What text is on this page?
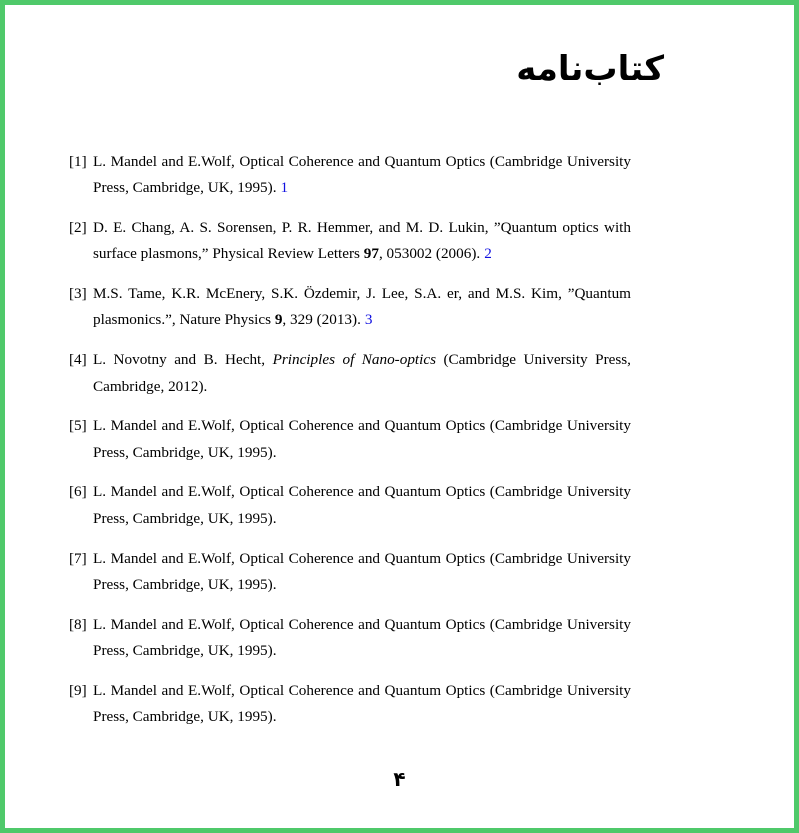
کتاب‌نامه
[1] L. Mandel and E.Wolf, Optical Coherence and Quantum Optics (Cambridge University Press, Cambridge, UK, 1995). 1
[2] D. E. Chang, A. S. Sorensen, P. R. Hemmer, and M. D. Lukin, ”Quantum optics with surface plasmons,” Physical Review Letters 97, 053002 (2006). 2
[3] M.S. Tame, K.R. McEnery, S.K. Özdemir, J. Lee, S.A. er, and M.S. Kim, ”Quantum plasmonics.”, Nature Physics 9, 329 (2013). 3
[4] L. Novotny and B. Hecht, Principles of Nano-optics (Cambridge University Press, Cambridge, 2012).
[5] L. Mandel and E.Wolf, Optical Coherence and Quantum Optics (Cambridge University Press, Cambridge, UK, 1995).
[6] L. Mandel and E.Wolf, Optical Coherence and Quantum Optics (Cambridge University Press, Cambridge, UK, 1995).
[7] L. Mandel and E.Wolf, Optical Coherence and Quantum Optics (Cambridge University Press, Cambridge, UK, 1995).
[8] L. Mandel and E.Wolf, Optical Coherence and Quantum Optics (Cambridge University Press, Cambridge, UK, 1995).
[9] L. Mandel and E.Wolf, Optical Coherence and Quantum Optics (Cambridge University Press, Cambridge, UK, 1995).
۴
